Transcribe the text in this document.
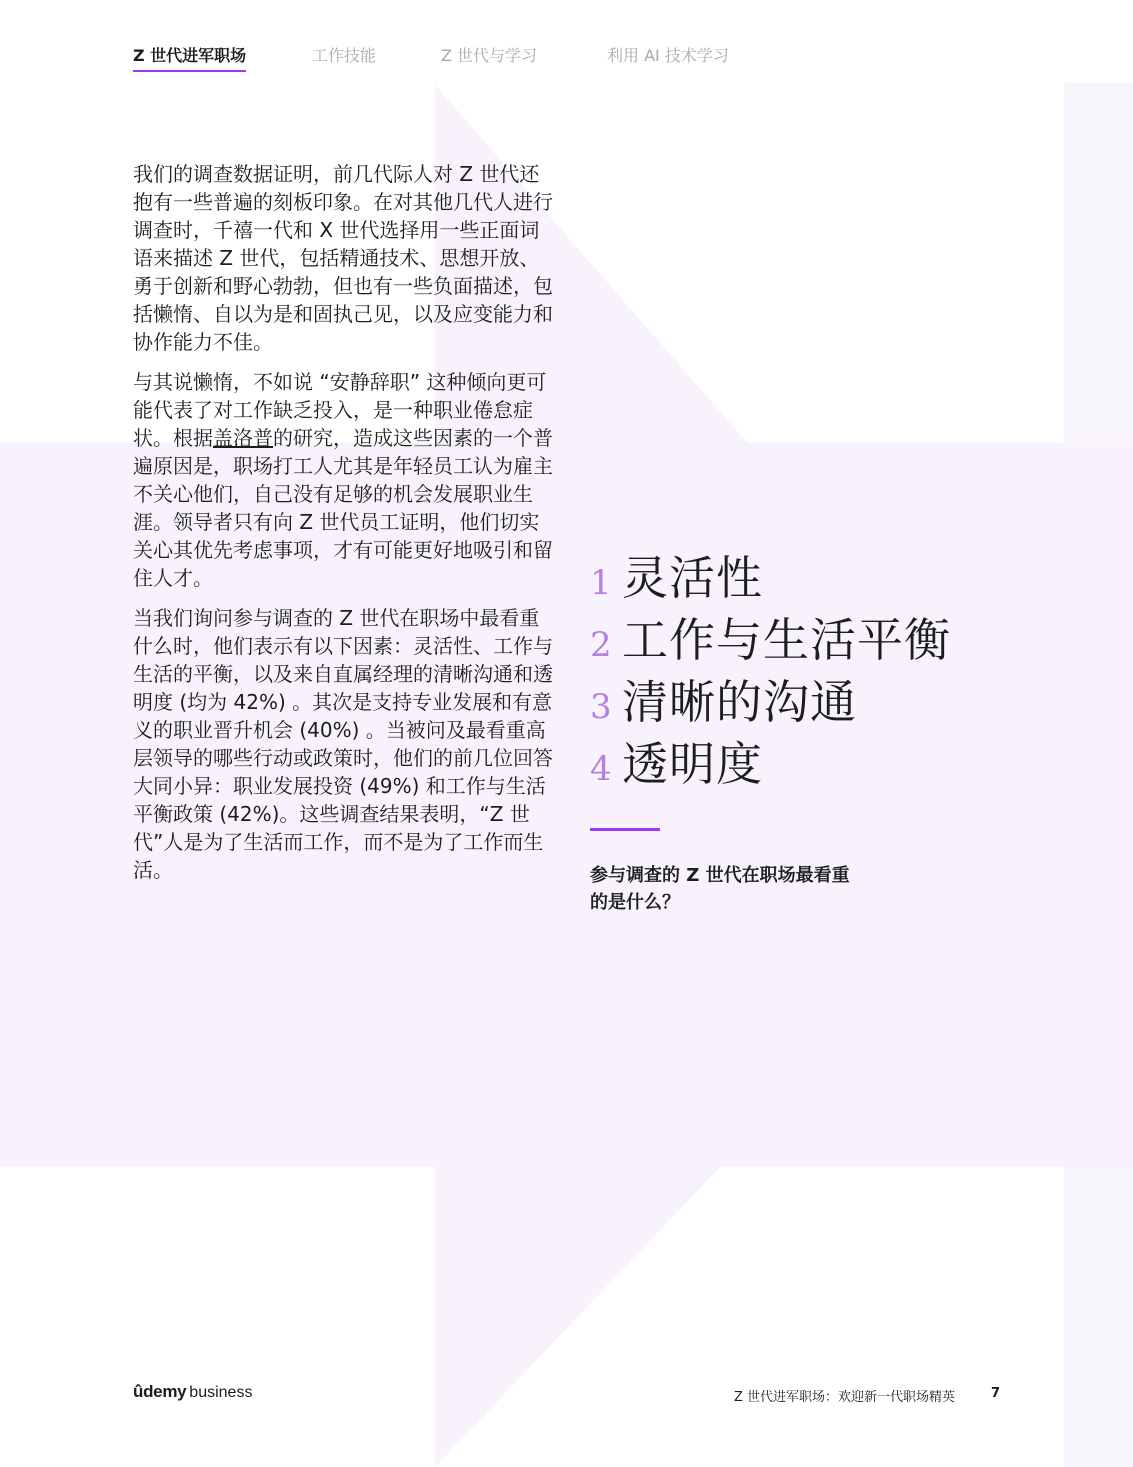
Z 世代进军职场	工作技能	Z 世代与学习	利用 AI 技术学习

我们的调查数据证明，前几代际人对 Z 世代还抱有一些普遍的刻板印象。在对其他几代人进行调查时，千禧一代和 X 世代选择用一些正面词语来描述 Z 世代，包括精通技术、思想开放、勇于创新和野心勃勃，但也有一些负面描述，包括懒惰、自以为是和固执己见，以及应变能力和协作能力不佳。

与其说懒惰，不如说 “安静辞职” 这种倾向更可能代表了对工作缺乏投入，是一种职业倦怠症状。根据盖洛普的研究，造成这些因素的一个普遍原因是，职场打工人尤其是年轻员工认为雇主不关心他们，自己没有足够的机会发展职业生涯。领导者只有向 Z 世代员工证明，他们切实关心其优先考虑事项，才有可能更好地吸引和留住人才。

当我们询问参与调查的 Z 世代在职场中最看重什么时，他们表示有以下因素：灵活性、工作与生活的平衡，以及来自直属经理的清晰沟通和透明度 (均为 42%) 。其次是支持专业发展和有意义的职业晋升机会 (40%) 。当被问及最看重高层领导的哪些行动或政策时，他们的前几位回答大同小异：职业发展投资 (49%) 和工作与生活平衡政策 (42%)。这些调查结果表明，“Z 世代”人是为了生活而工作，而不是为了工作而生活。

1 灵活性
2 工作与生活平衡
3 清晰的沟通
4 透明度
参与调查的 Z 世代在职场最看重的是什么？
ûdemy business	Z 世代进军职场：欢迎新一代职场精英	7
